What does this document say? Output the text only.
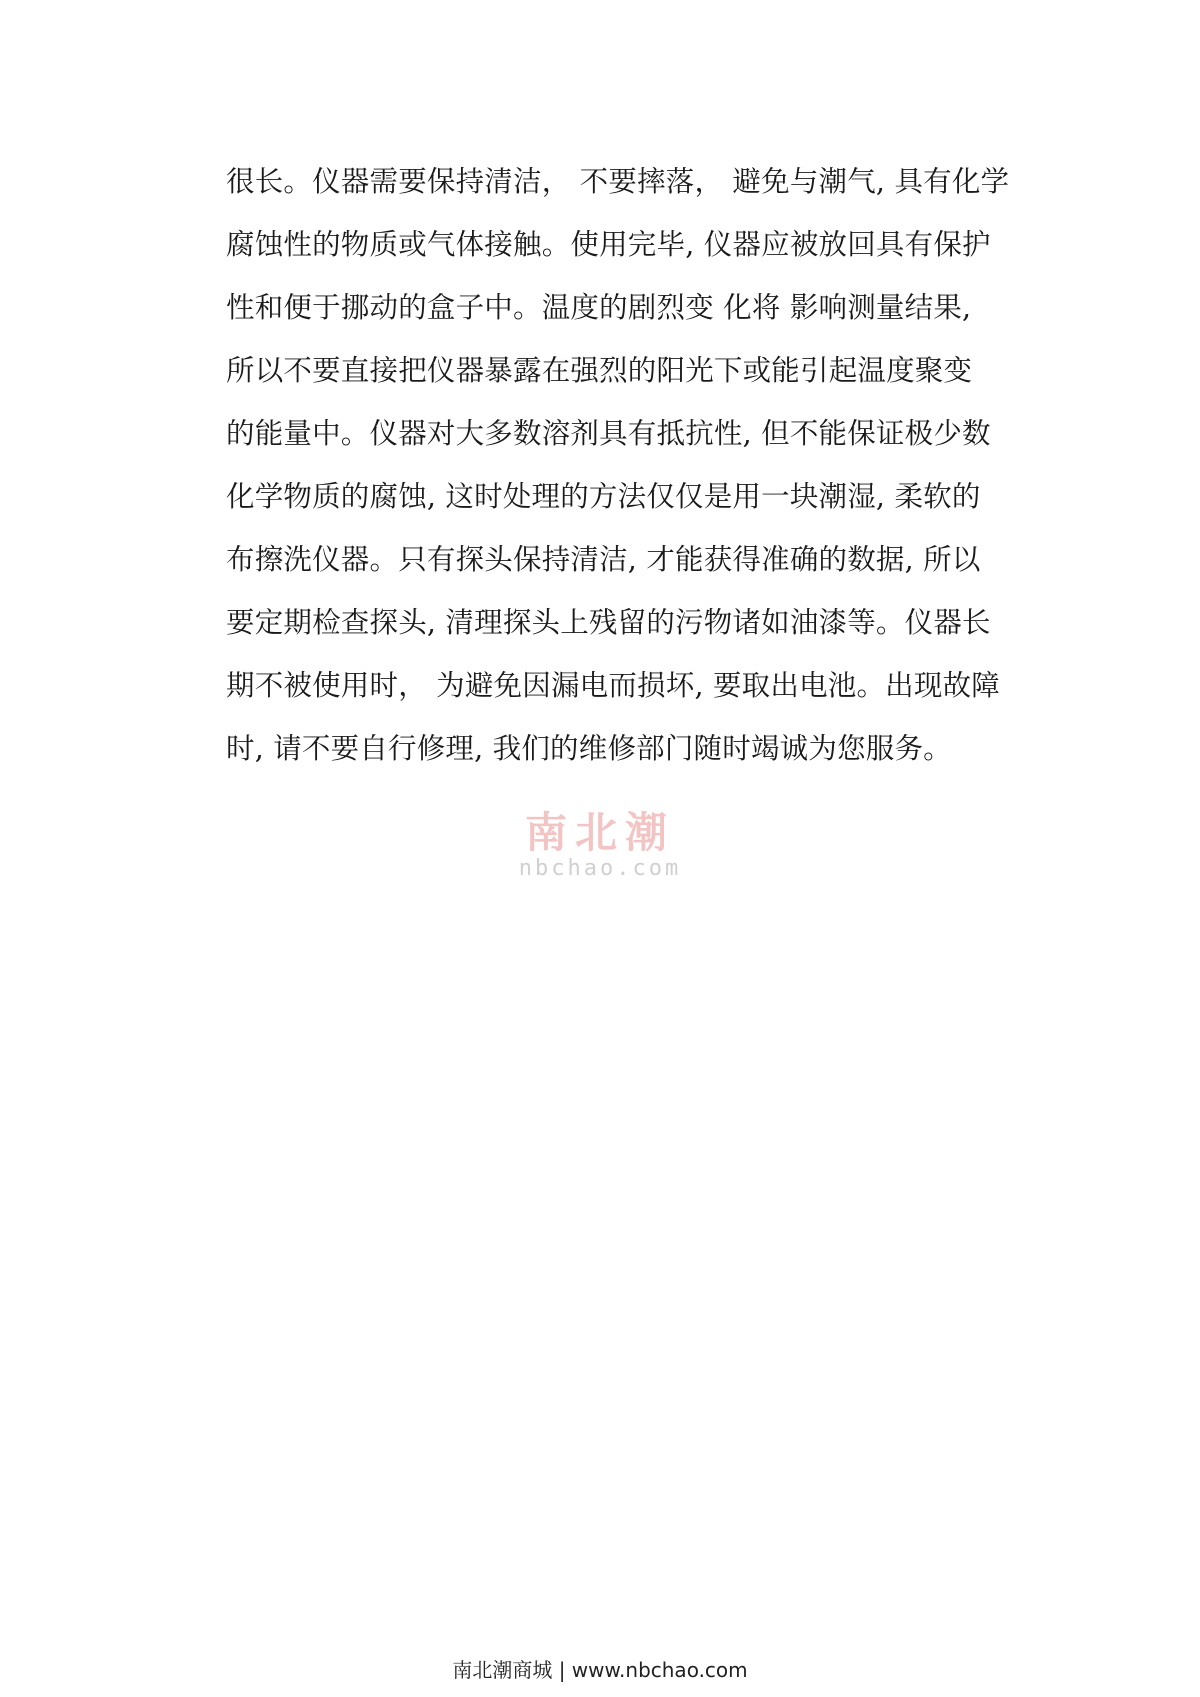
很长。仪器需要保持清洁， 不要摔落， 避免与潮气, 具有化学
腐蚀性的物质或气体接触。使用完毕, 仪器应被放回具有保护
性和便于挪动的盒子中。温度的剧烈变 化将 影响测量结果,
所以不要直接把仪器暴露在强烈的阳光下或能引起温度聚变
的能量中。仪器对大多数溶剂具有抵抗性, 但不能保证极少数
化学物质的腐蚀, 这时处理的方法仅仅是用一块潮湿, 柔软的
布擦洗仪器。只有探头保持清洁, 才能获得准确的数据, 所以
要定期检查探头, 清理探头上残留的污物诸如油漆等。仪器长
期不被使用时， 为避免因漏电而损坏, 要取出电池。出现故障
时, 请不要自行修理, 我们的维修部门随时竭诚为您服务。
南北潮
nbchao.com
南北潮商城 | www.nbchao.com
